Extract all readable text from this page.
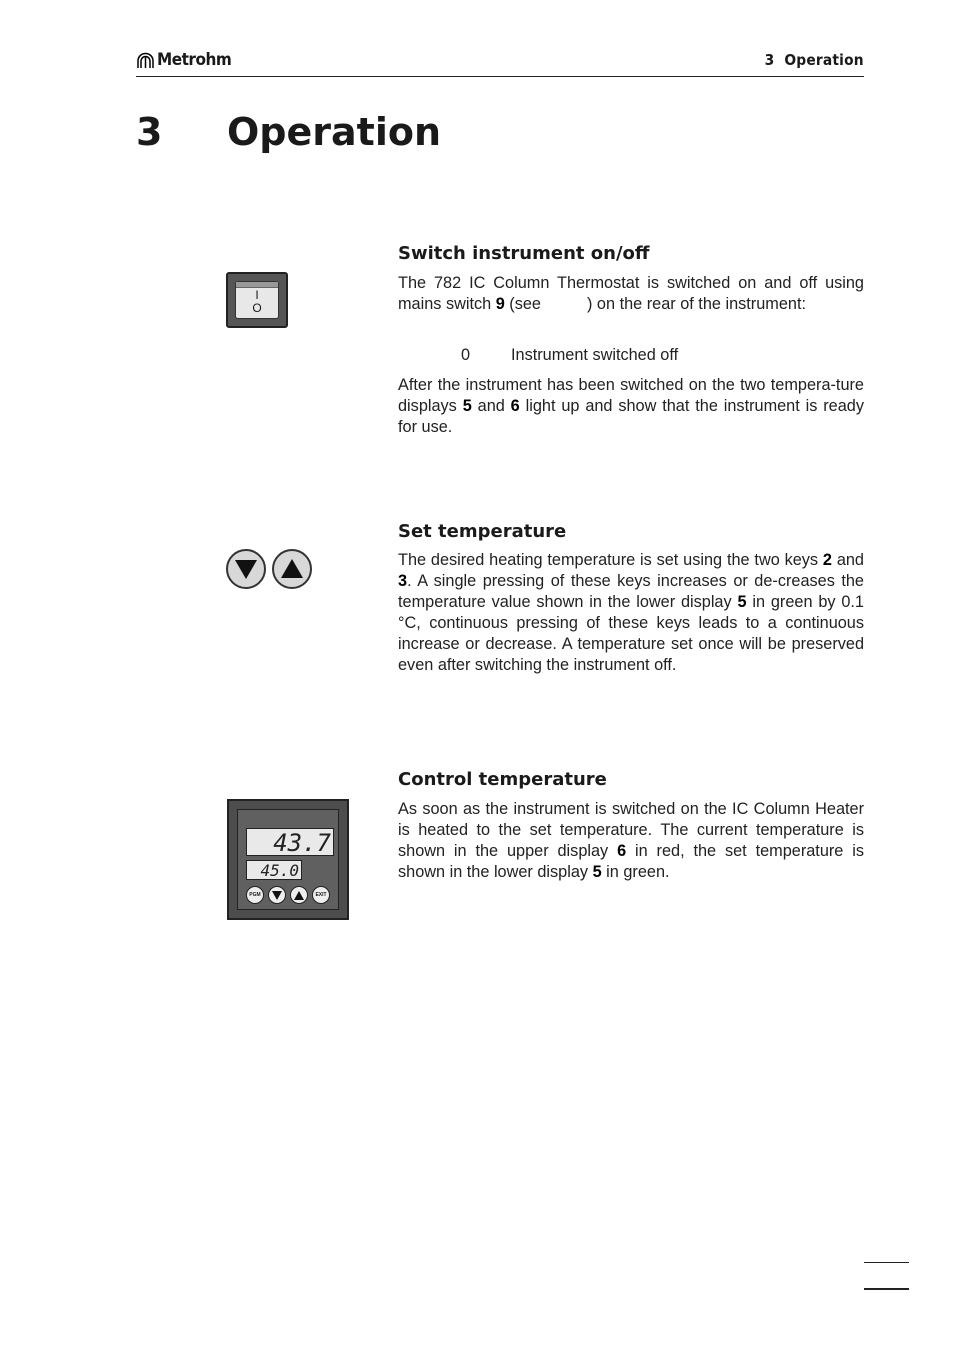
Metrohm	3  Operation
3 Operation
I
O
Switch instrument on/off
The 782 IC Column Thermostat is switched on and off using mains switch 9 (see	) on the rear of the instrument:
0	Instrument switched off
After the instrument has been switched on the two tempera-ture displays 5 and 6 light up and show that the instrument is ready for use.
Set temperature
The desired heating temperature is set using the two keys 2 and 3. A single pressing of these keys increases or de-creases the temperature value shown in the lower display 5 in green by 0.1 °C, continuous pressing of these keys leads to a continuous increase or decrease. A temperature set once will be preserved even after switching the instrument off.
43.7
45.0
PGM	EXIT
Control temperature
As soon as the instrument is switched on the IC Column Heater is heated to the set temperature. The current temperature is shown in the upper display 6 in red, the set temperature is shown in the lower display 5 in green.
